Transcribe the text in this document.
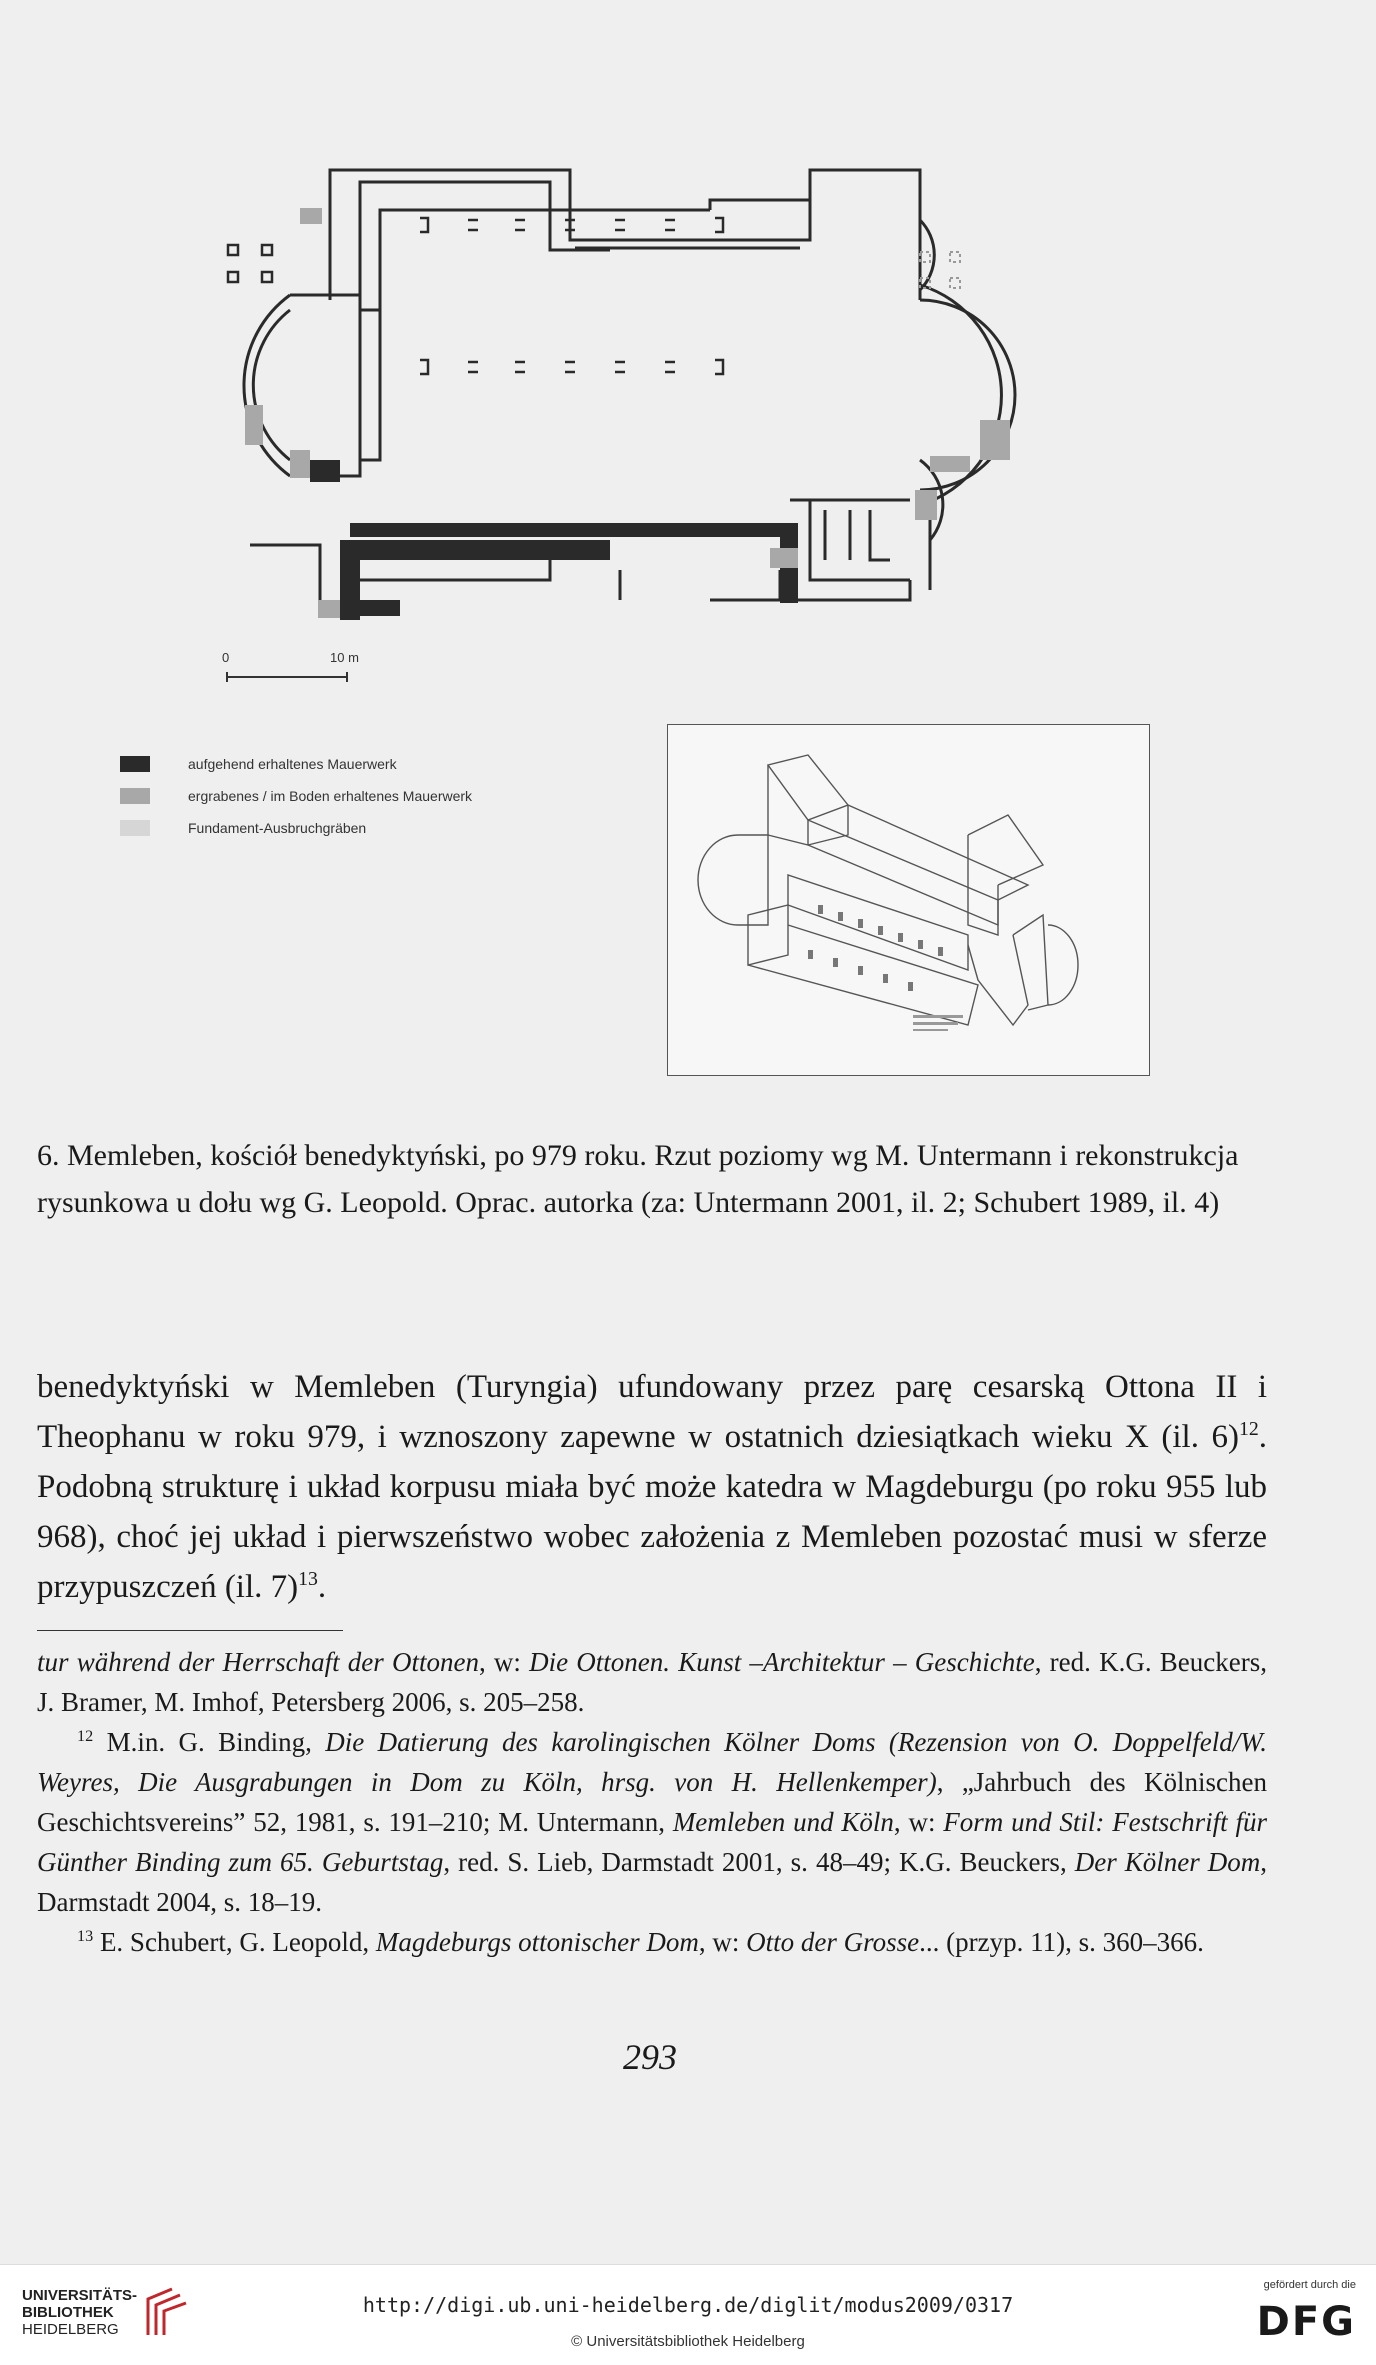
0	10 m
aufgehend erhaltenes Mauerwerk
ergrabenes / im Boden erhaltenes Mauerwerk
Fundament-Ausbruchgräben
6. Memleben, kościół benedyktyński, po 979 roku. Rzut poziomy wg M. Untermann i rekonstrukcja rysunkowa u dołu wg G. Leopold. Oprac. autorka (za: Untermann 2001, il. 2; Schubert 1989, il. 4)

benedyktyński w Memleben (Turyngia) ufundowany przez parę cesarską Ottona II i Theophanu w roku 979, i wznoszony zapewne w ostatnich dziesiątkach wieku X (il. 6)$^{12}$. Podobną strukturę i układ korpusu miała być może katedra w Magdeburgu (po roku 955 lub 968), choć jej układ i pierwszeństwo wobec założenia z Memleben pozostać musi w sferze przypuszczeń (il. 7)$^{13}$.

tur während der Herrschaft der Ottonen, w: Die Ottonen. Kunst –Architektur – Geschichte, red. K.G. Beuckers, J. Bramer, M. Imhof, Petersberg 2006, s. 205–258.

$^{12}$ M.in. G. Binding, Die Datierung des karolingischen Kölner Doms (Rezension von O. Doppelfeld/W. Weyres, Die Ausgrabungen in Dom zu Köln, hrsg. von H. Hellenkemper), „Jahrbuch des Kölnischen Geschichtsvereins” 52, 1981, s. 191–210; M. Untermann, Memleben und Köln, w: Form und Stil: Festschrift für Günther Binding zum 65. Geburtstag, red. S. Lieb, Darmstadt 2001, s. 48–49; K.G. Beuckers, Der Kölner Dom, Darmstadt 2004, s. 18–19.

$^{13}$ E. Schubert, G. Leopold, Magdeburgs ottonischer Dom, w: Otto der Grosse... (przyp. 11), s. 360–366.

293
UNIVERSITÄTS-
BIBLIOTHEK
HEIDELBERG
http://digi.ub.uni-heidelberg.de/diglit/modus2009/0317
© Universitätsbibliothek Heidelberg
gefördert durch die
DFG
